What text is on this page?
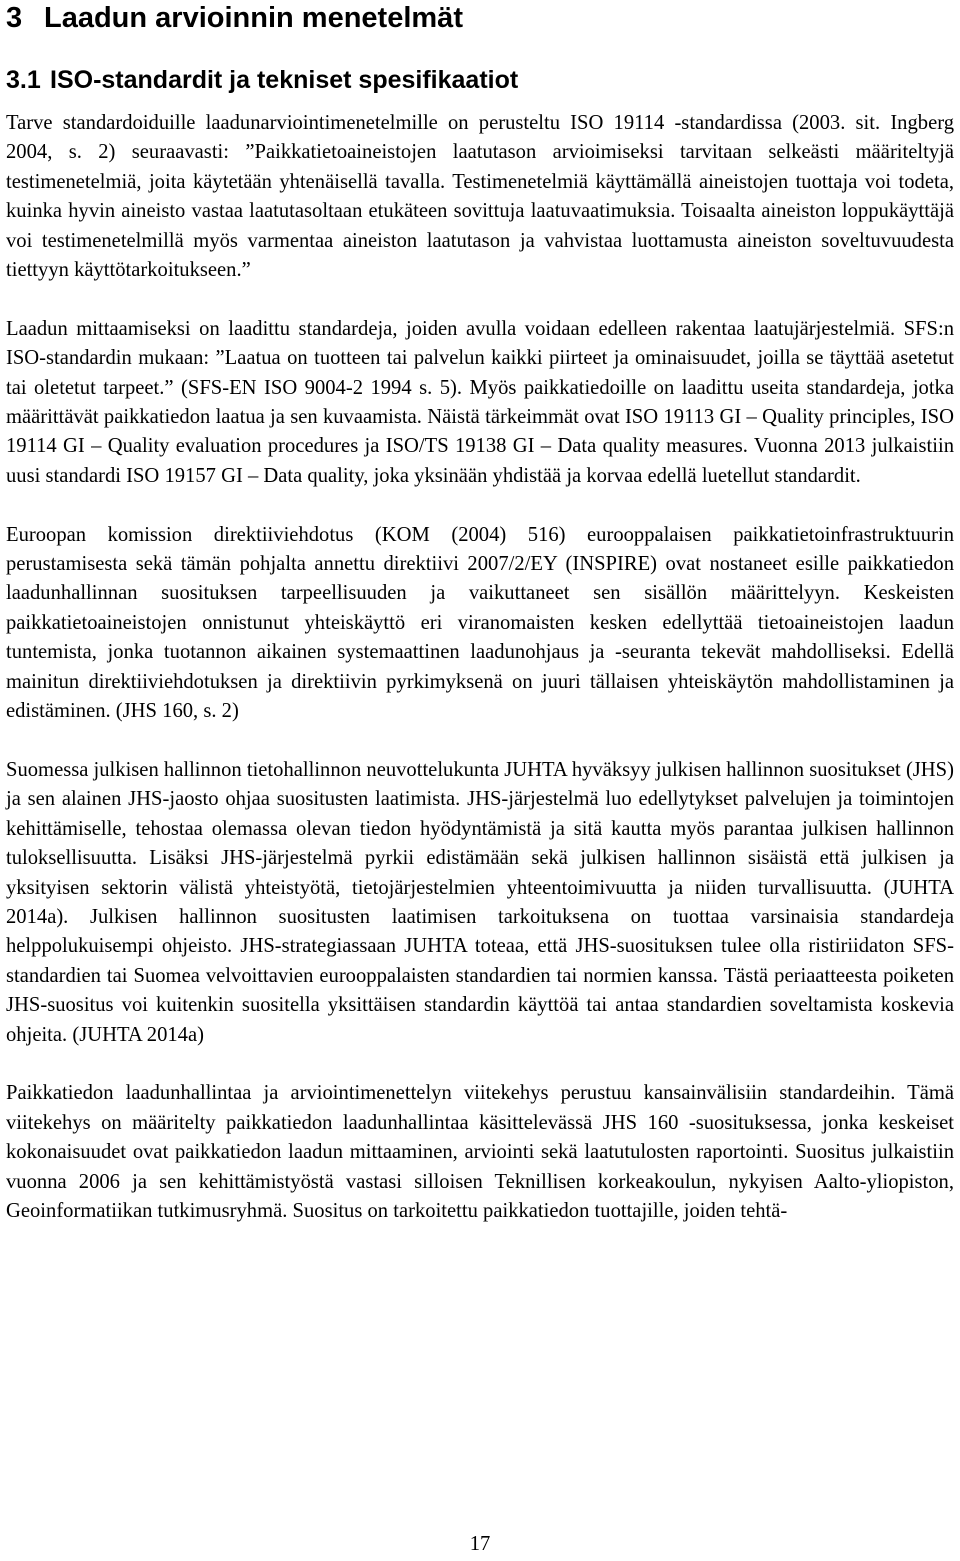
3 Laadun arvioinnin menetelmät
3.1 ISO-standardit ja tekniset spesifikaatiot

Tarve standardoiduille laadunarviointimenetelmille on perusteltu ISO 19114 -standardissa (2003. sit. Ingberg 2004, s. 2) seuraavasti: ”Paikkatietoaineistojen laatutason arvioimiseksi tarvitaan selkeästi määriteltyjä testimenetelmiä, joita käytetään yhtenäisellä tavalla. Testimenetelmiä käyttämällä aineistojen tuottaja voi todeta, kuinka hyvin aineisto vastaa laatutasoltaan etukäteen sovittuja laatuvaatimuksia. Toisaalta aineiston loppukäyttäjä voi testimenetelmillä myös varmentaa aineiston laatutason ja vahvistaa luottamusta aineiston soveltuvuudesta tiettyyn käyttötarkoitukseen.”

Laadun mittaamiseksi on laadittu standardeja, joiden avulla voidaan edelleen rakentaa laatujärjestelmiä. SFS:n ISO-standardin mukaan: ”Laatua on tuotteen tai palvelun kaikki piirteet ja ominaisuudet, joilla se täyttää asetetut tai oletetut tarpeet.” (SFS-EN ISO 9004-2 1994 s. 5). Myös paikkatiedoille on laadittu useita standardeja, jotka määrittävät paikkatiedon laatua ja sen kuvaamista. Näistä tärkeimmät ovat ISO 19113 GI – Quality principles, ISO 19114 GI – Quality evaluation procedures ja ISO/TS 19138 GI – Data quality measures. Vuonna 2013 julkaistiin uusi standardi ISO 19157 GI – Data quality, joka yksinään yhdistää ja korvaa edellä luetellut standardit.

Euroopan komission direktiiviehdotus (KOM (2004) 516) eurooppalaisen paikkatietoinfrastruktuurin perustamisesta sekä tämän pohjalta annettu direktiivi 2007/2/EY (INSPIRE) ovat nostaneet esille paikkatiedon laadunhallinnan suosituksen tarpeellisuuden ja vaikuttaneet sen sisällön määrittelyyn. Keskeisten paikkatietoaineistojen onnistunut yhteiskäyttö eri viranomaisten kesken edellyttää tietoaineistojen laadun tuntemista, jonka tuotannon aikainen systemaattinen laadunohjaus ja -seuranta tekevät mahdolliseksi. Edellä mainitun direktiiviehdotuksen ja direktiivin pyrkimyksenä on juuri tällaisen yhteiskäytön mahdollistaminen ja edistäminen. (JHS 160, s. 2)

Suomessa julkisen hallinnon tietohallinnon neuvottelukunta JUHTA hyväksyy julkisen hallinnon suositukset (JHS) ja sen alainen JHS-jaosto ohjaa suositusten laatimista. JHS-järjestelmä luo edellytykset palvelujen ja toimintojen kehittämiselle, tehostaa olemassa olevan tiedon hyödyntämistä ja sitä kautta myös parantaa julkisen hallinnon tuloksellisuutta. Lisäksi JHS-järjestelmä pyrkii edistämään sekä julkisen hallinnon sisäistä että julkisen ja yksityisen sektorin välistä yhteistyötä, tietojärjestelmien yhteentoimivuutta ja niiden turvallisuutta. (JUHTA 2014a). Julkisen hallinnon suositusten laatimisen tarkoituksena on tuottaa varsinaisia standardeja helppolukuisempi ohjeisto. JHS-strategiassaan JUHTA toteaa, että JHS-suosituksen tulee olla ristiriidaton SFS-standardien tai Suomea velvoittavien eurooppalaisten standardien tai normien kanssa. Tästä periaatteesta poiketen JHS-suositus voi kuitenkin suositella yksittäisen standardin käyttöä tai antaa standardien soveltamista koskevia ohjeita. (JUHTA 2014a)

Paikkatiedon laadunhallintaa ja arviointimenettelyn viitekehys perustuu kansainvälisiin standardeihin. Tämä viitekehys on määritelty paikkatiedon laadunhallintaa käsittelevässä JHS 160 -suosituksessa, jonka keskeiset kokonaisuudet ovat paikkatiedon laadun mittaaminen, arviointi sekä laatutulosten raportointi. Suositus julkaistiin vuonna 2006 ja sen kehittämistyöstä vastasi silloisen Teknillisen korkeakoulun, nykyisen Aalto-yliopiston, Geoinformatiikan tutkimusryhmä. Suositus on tarkoitettu paikkatiedon tuottajille, joiden tehtä-

17
